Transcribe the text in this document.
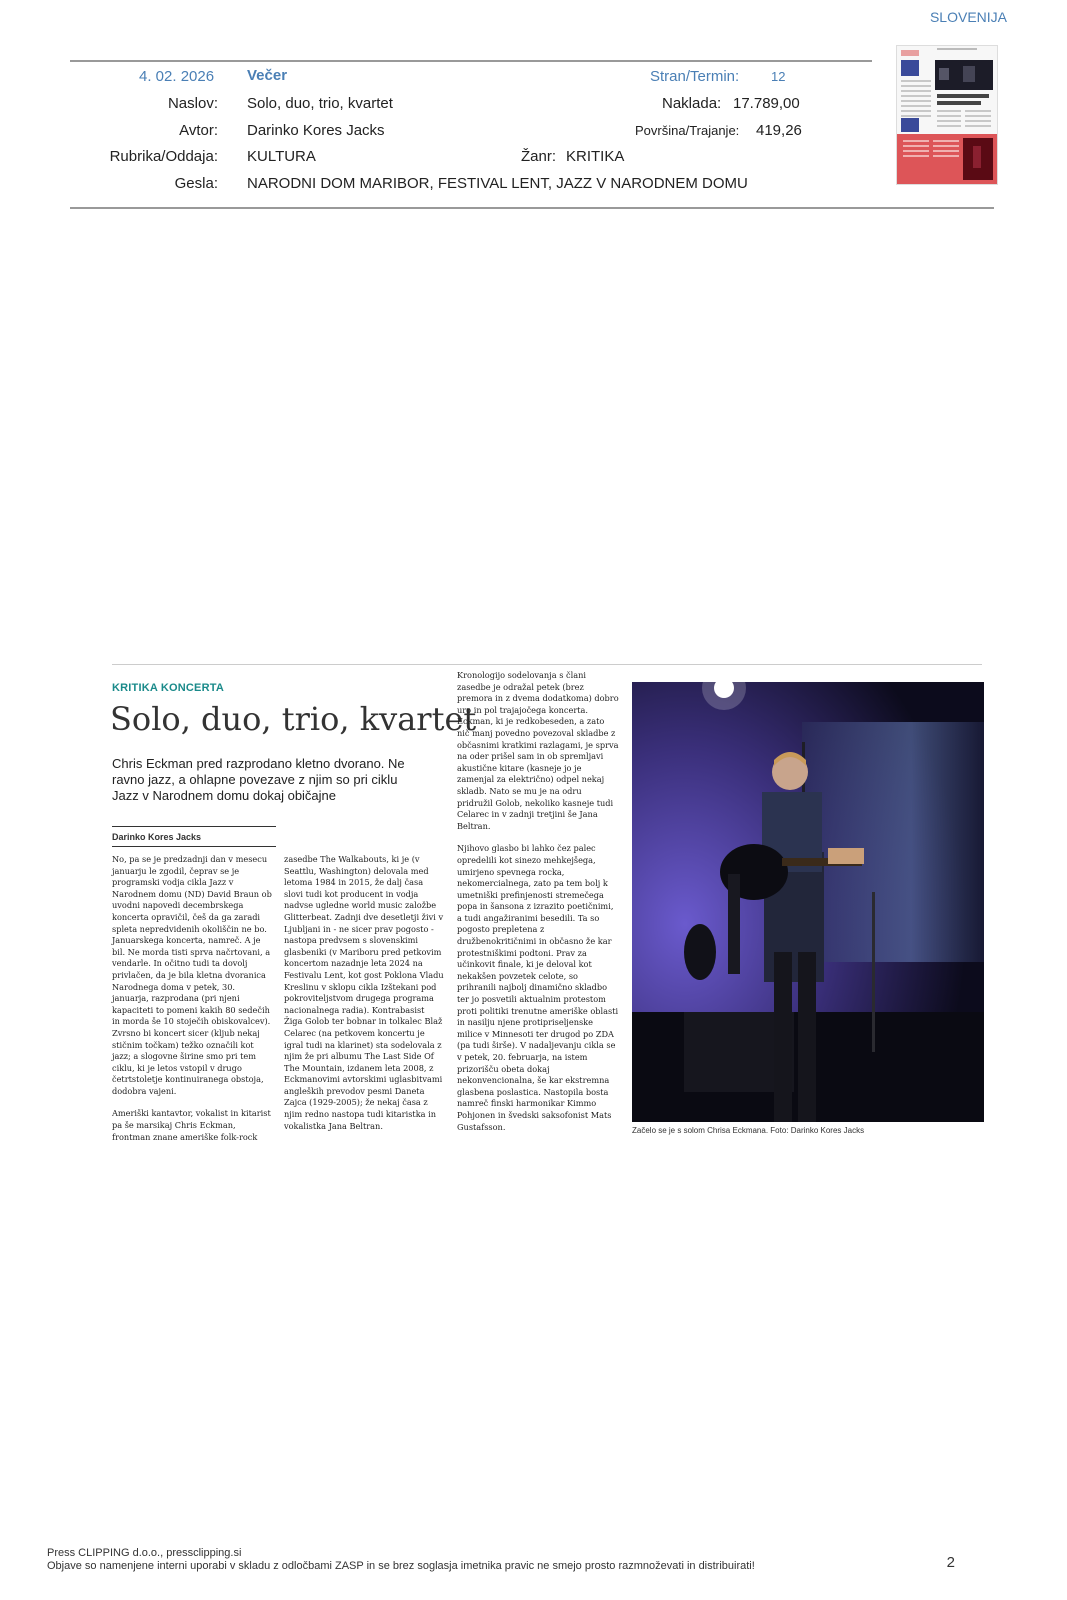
SLOVENIJA
4. 02. 2026 Večer	Stran/Termin: 12
Naslov: Solo, duo, trio, kvartet	Naklada: 17.789,00
Avtor: Darinko Kores Jacks	Površina/Trajanje: 419,26
Rubrika/Oddaja: KULTURA	Žanr: KRITIKA
Gesla: NARODNI DOM MARIBOR, FESTIVAL LENT, JAZZ V NARODNEM DOMU
KRITIKA KONCERTA
Solo, duo, trio, kvartet
Chris Eckman pred razprodano kletno dvorano. Ne ravno jazz, a ohlapne povezave z njim so pri ciklu Jazz v Narodnem domu dokaj običajne
Darinko Kores Jacks

No, pa se je predzadnji dan v mesecu januarju le zgodil, čeprav se je programski vodja cikla Jazz v Narodnem domu (ND) David Braun ob uvodni napovedi decembrskega koncerta opravičil, češ da ga zaradi spleta nepredvidenih okoliščin ne bo. Januarskega koncerta, namreč. A je bil. Ne morda tisti sprva načrtovani, a vendarle. In očitno tudi ta dovolj privlačen, da je bila kletna dvoranica Narodnega doma v petek, 30. januarja, razprodana (pri njeni kapaciteti to pomeni kakih 80 sedečih in morda še 10 stoječih obiskovalcev). Zvrsno bi koncert sicer (kljub nekaj stičnim točkam) težko označili kot jazz; a slogovne širine smo pri tem ciklu, ki je letos vstopil v drugo četrtstoletje kontinuiranega obstoja, dodobra vajeni.

Ameriški kantavtor, vokalist in kitarist pa še marsikaj Chris Eckman, frontman znane ameriške folk-rock

zasedbe The Walkabouts, ki je (v Seattlu, Washington) delovala med letoma 1984 in 2015, že dalj časa slovi tudi kot producent in vodja nadvse ugledne world music založbe Glitterbeat. Zadnji dve desetletji živi v Ljubljani in - ne sicer prav pogosto - nastopa predvsem s slovenskimi glasbeniki (v Mariboru pred petkovim koncertom nazadnje leta 2024 na Festivalu Lent, kot gost Poklona Vladu Kreslinu v sklopu cikla Izštekani pod pokroviteljstvom drugega programa nacionalnega radia). Kontrabasist Žiga Golob ter bobnar in tolkalec Blaž Celarec (na petkovem koncertu je igral tudi na klarinet) sta sodelovala z njim že pri albumu The Last Side Of The Mountain, izdanem leta 2008, z Eckmanovimi avtorskimi uglasbitvami angleških prevodov pesmi Daneta Zajca (1929-2005); že nekaj časa z njim redno nastopa tudi kitaristka in vokalistka Jana Beltran.

Kronologijo sodelovanja s člani zasedbe je odražal petek (brez premora in z dvema dodatkoma) dobro uro in pol trajajočega koncerta. Eckman, ki je redkobeseden, a zato nič manj povedno povezoval skladbe z občasnimi kratkimi razlagami, je sprva na oder prišel sam in ob spremljavi akustične kitare (kasneje jo je zamenjal za električno) odpel nekaj skladb. Nato se mu je na odru pridružil Golob, nekoliko kasneje tudi Celarec in v zadnji tretjini še Jana Beltran.

Njihovo glasbo bi lahko čez palec opredelili kot sinezo mehkejšega, umirjeno spevnega rocka, nekomercialnega, zato pa tem bolj k umetniški prefinjenosti stremečega popa in šansona z izrazito poetičnimi, a tudi angažiranimi besedili. Ta so pogosto prepletena z družbenokritičnimi in občasno že kar protestniškimi podtoni. Prav za učinkovit finale, ki je deloval kot nekakšen povzetek celote, so prihranili najbolj dinamično skladbo ter jo posvetili aktualnim protestom proti politiki trenutne ameriške oblasti in nasilju njene protipriseljenske milice v Minnesoti ter drugod po ZDA (pa tudi širše). V nadaljevanju cikla se v petek, 20. februarja, na istem prizorišču obeta dokaj nekonvencionalna, še kar ekstremna glasbena poslastica. Nastopila bosta namreč finski harmonikar Kimmo Pohjonen in švedski saksofonist Mats Gustafsson.	Začelo se je s solom Chrisa Eckmana. Foto: Darinko Kores Jacks
Press CLIPPING d.o.o., pressclipping.si
Objave so namenjene interni uporabi v skladu z odločbami ZASP in se brez soglasja imetnika pravic ne smejo prosto razmnoževati in distribuirati!	2
